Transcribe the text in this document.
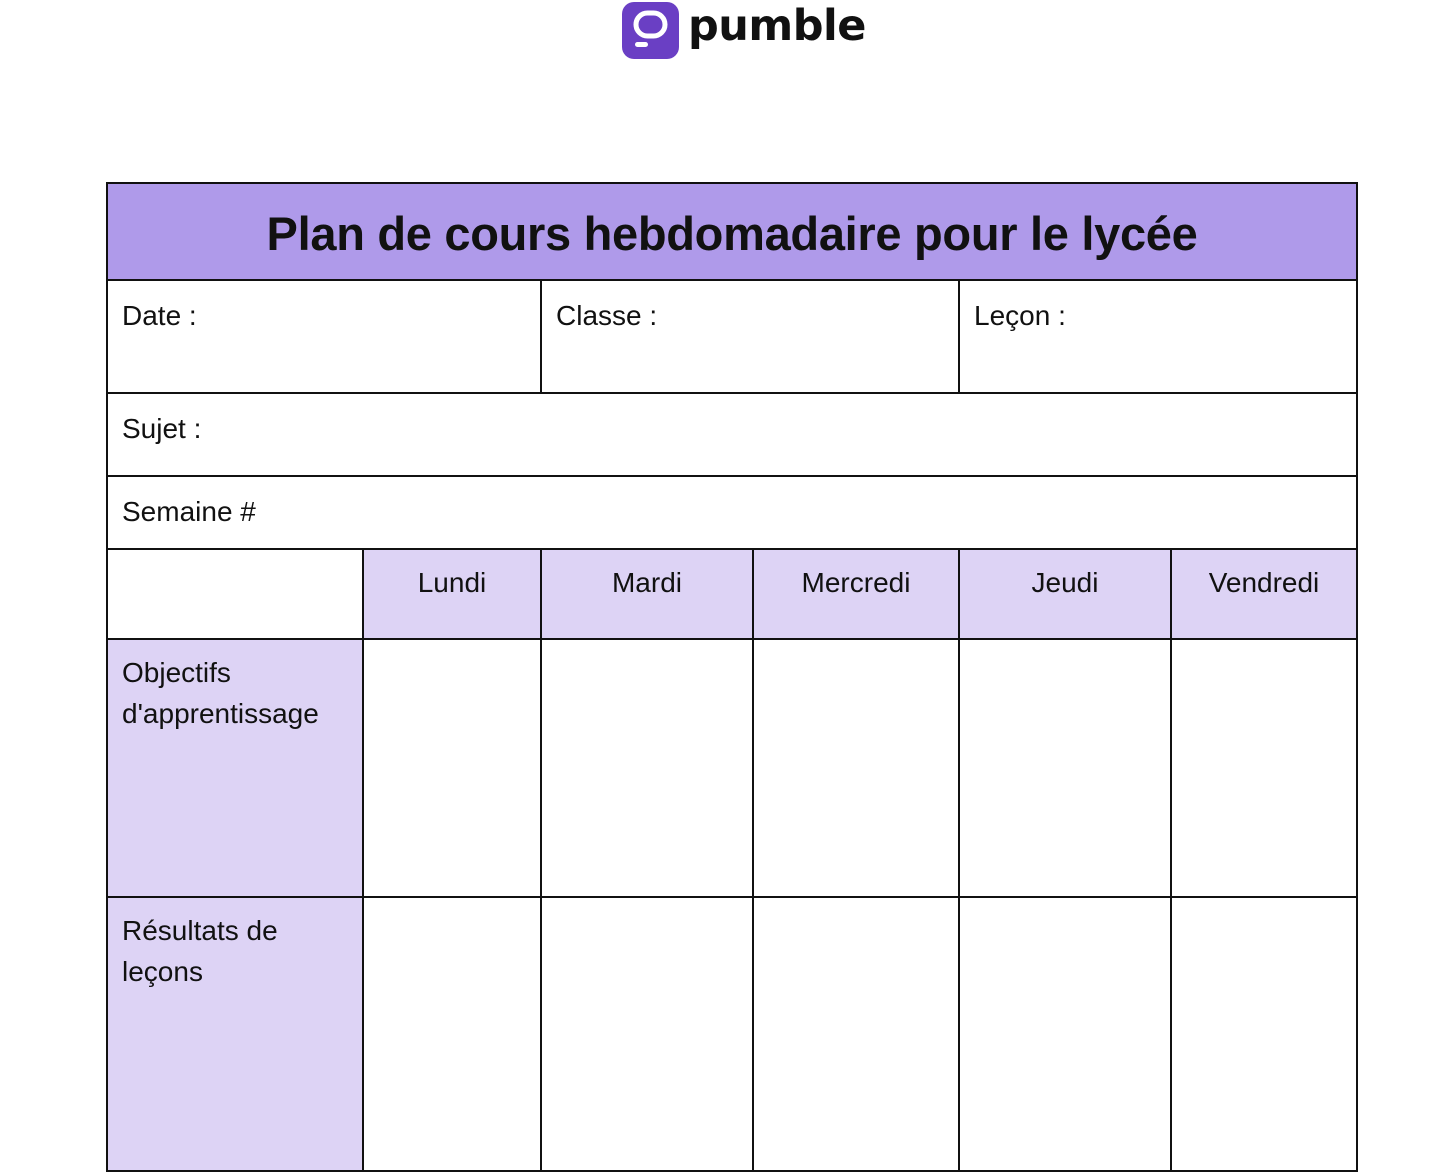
pumble
Plan de cours hebdomadaire pour le lycée					
Date :		Classe :		Leçon :	
Sujet :					
Semaine #					
	Lundi	Mardi	Mercredi	Jeudi	Vendredi
Objectifs d'apprentissage					
Résultats de leçons					
